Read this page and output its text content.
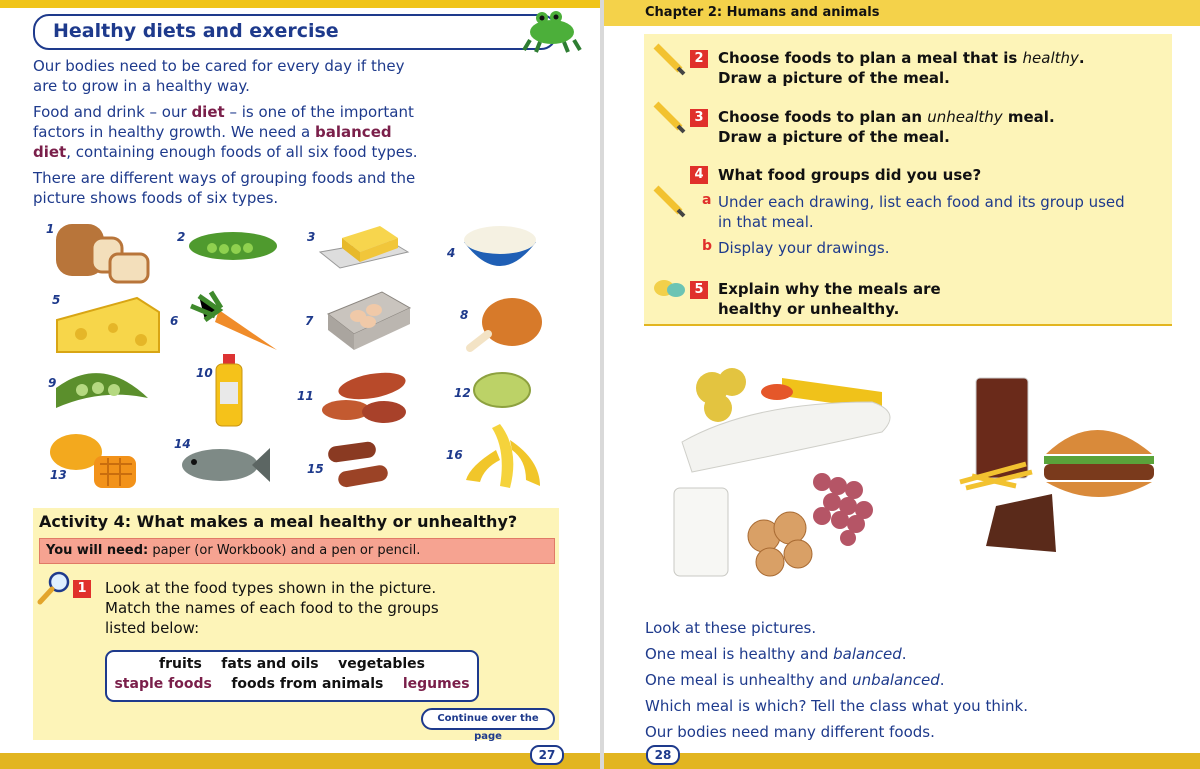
Healthy diets and exercise
Our bodies need to be cared for every day if they are to grow in a healthy way.
Food and drink – our diet – is one of the important factors in healthy growth. We need a balanced diet, containing enough foods of all six food types.
There are different ways of grouping foods and the picture shows foods of six types.
1
2	3
4
5
6	7	8
9
10
11	12
13
14
15
16
Activity 4: What makes a meal healthy or unhealthy?
You will need: paper (or Workbook) and a pen or pencil.
1 Look at the food types shown in the picture. Match the names of each food to the groups listed below:
fruits fats and oils vegetables
staple foods foods from animals legumes
Continue over the page
27
Chapter 2: Humans and animals
2 Choose foods to plan a meal that is healthy.
Draw a picture of the meal.
3 Choose foods to plan an unhealthy meal.
Draw a picture of the meal.
4 What food groups did you use?
a Under each drawing, list each food and its group used in that meal.
b Display your drawings.
5 Explain why the meals are healthy or unhealthy.
Look at these pictures.
One meal is healthy and balanced.
One meal is unhealthy and unbalanced.
Which meal is which? Tell the class what you think.
Our bodies need many different foods.
28
